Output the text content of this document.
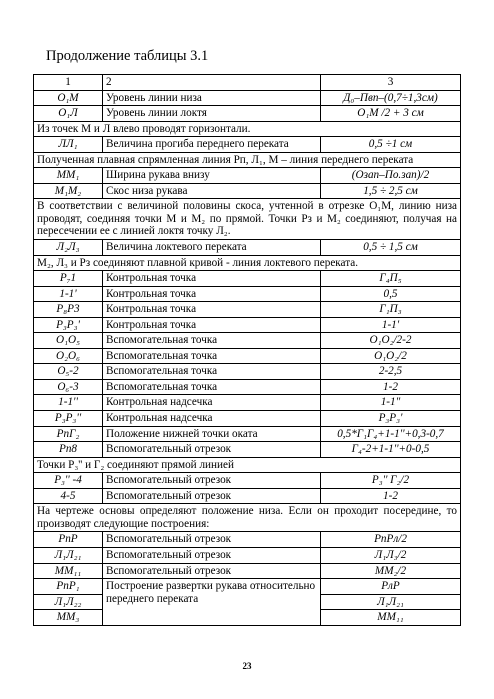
Продолжение таблицы 3.1
1	2	3
О₁М	Уровень линии низа	Д₀–Пвп–(0,7÷1,3см)
О₁Л	Уровень линии локтя	О₁М /2 + 3 см
Из точек М и Л влево проводят горизонтали.		
ЛЛ₁	Величина прогиба переднего переката	0,5 ÷1 см
Полученная плавная спрямленная линия Рп, Л₁, М – линия переднего переката		
ММ₁	Ширина рукава внизу	(Озап–По.зап)/2
М₁М₂	Скос низа рукава	1,5 ÷ 2,5 см
В соответствии с величиной половины скоса, учтенной в отрезке О₁М, линию низа проводят, соединяя точки М и М₂ по прямой. Точки Рз и М₂ соединяют, получая на пересечении ее с линией локтя точку Л₂.		
Л₂Л₃	Величина локтевого переката	0,5 ÷ 1,5 см
М₂, Л₃ и Рз соединяют плавной кривой - линия локтевого переката.		
Р₇1	Контрольная точка	Г₄П₅
1-1'	Контрольная точка	0,5
Р₈Р3	Контрольная точка	Г₁П₃
Р₃Р₃'	Контрольная точка	1-1'
О₁О₅	Вспомогательная точка	О₁О₂/2-2
О₂О₆	Вспомогательная точка	О₁О₂/2
О₅-2	Вспомогательная точка	2-2,5
О₆-3	Вспомогательная точка	1-2
1-1''	Контрольная надсечка	1-1"
Р₃Р₃''	Контрольная надсечка	Р₃Р₃'
РпГ₂	Положение нижней точки оката	0,5*Г₁Г₄+1-1''+0,3-0,7
Рп8	Вспомогательный отрезок	Г₄-2+1-1''+0-0,5
Точки Р₃'' и Г₂ соединяют прямой линией		
Р₃'' -4	Вспомогательный отрезок	Р₃'' Г₂/2
4-5	Вспомогательный отрезок	1-2
На чертеже основы определяют положение низа. Если он проходит посередине, то производят следующие построения:		
РпР	Вспомогательный отрезок	РпРл/2
Л₁Л₂₁	Вспомогательный отрезок	Л₁Л₃/2
ММ₁₁	Вспомогательный отрезок	ММ₂/2
РпР₁	Построение развертки рукава относительно переднего переката	РлР
Л₁Л₂₂		Л₁Л₂₁
ММ₃		ММ₁₁
23
